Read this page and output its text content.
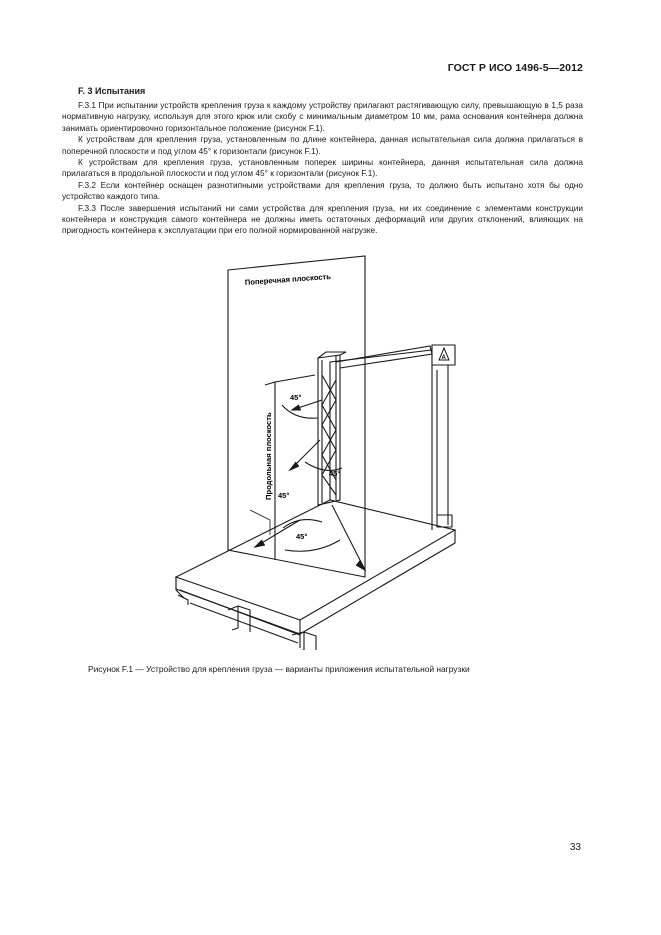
ГОСТ Р ИСО 1496-5—2012
F. 3 Испытания

F.3.1 При испытании устройств крепления груза к каждому устройству прилагают растягивающую силу, превышающую в 1,5 раза нормативную нагрузку, используя для этого крюк или скобу с минимальным диаметром 10 мм, рама основания контейнера должна занимать ориентировочно горизонтальное положение (рисунок F.1).

К устройствам для крепления груза, установленным по длине контейнера, данная испытательная сила должна прилагаться в поперечной плоскости и под углом 45° к горизонтали (рисунок F.1).

К устройствам для крепления груза, установленным поперек ширины контейнера, данная испытательная сила должна прилагаться в продольной плоскости и под углом 45° к горизонтали (рисунок F.1).

F.3.2 Если контейнер оснащен разнотипными устройствами для крепления груза, то должно быть испытано хотя бы одно устройство каждого типа.

F.3.3 После завершения испытаний ни сами устройства для крепления груза, ни их соединение с элементами конструкции контейнера и конструкция самого контейнера не должны иметь остаточных деформаций или других отклонений, влияющих на пригодность контейнера к эксплуатации при его полной нормированной нагрузке.

Поперечная плоскость
Продольная плоскость
45°
45°
45°
45°
A
Рисунок F.1 — Устройство для крепления груза — варианты приложения испытательной нагрузки
33
